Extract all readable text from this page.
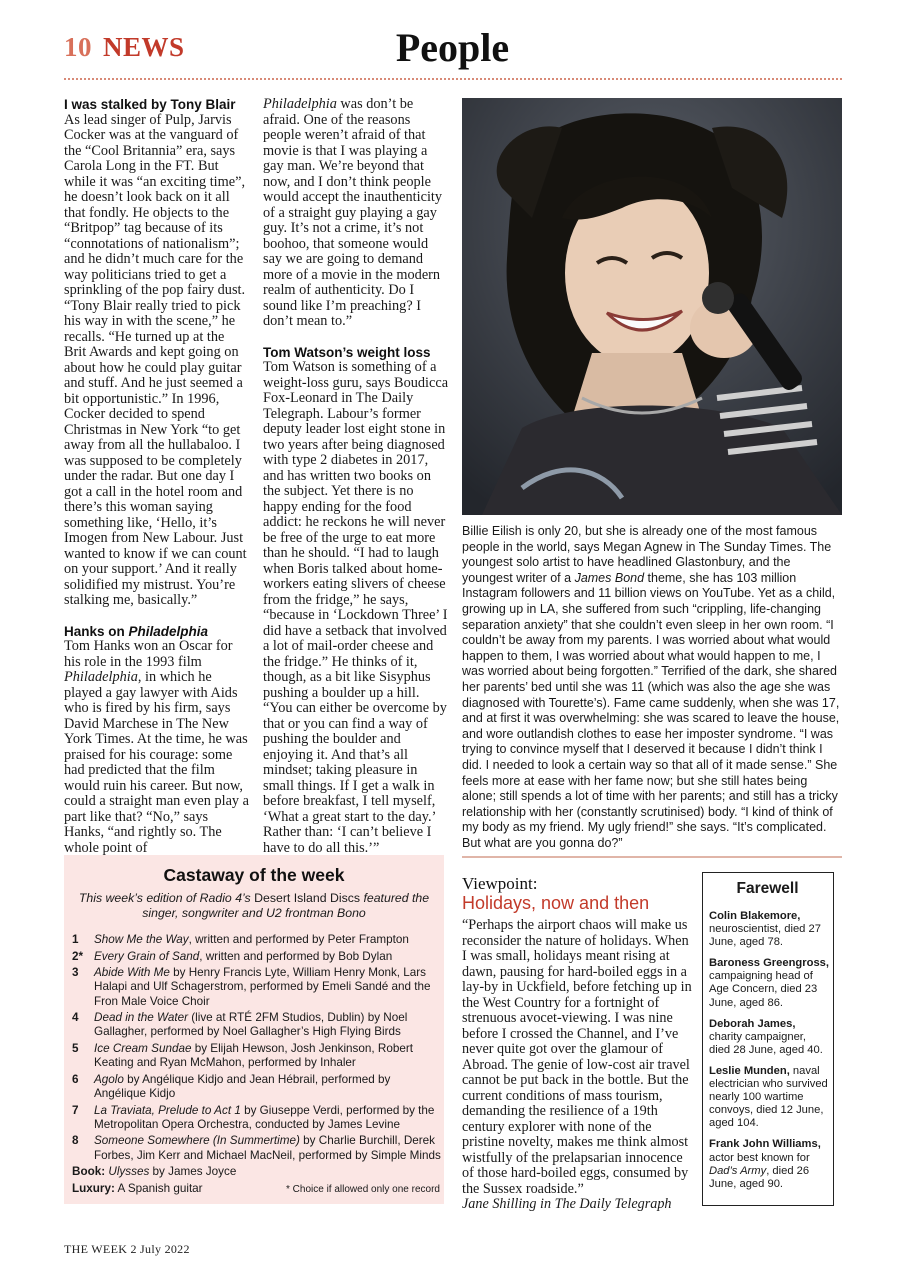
10 NEWS	People
I was stalked by Tony Blair

As lead singer of Pulp, Jarvis Cocker was at the vanguard of the “Cool Britannia” era, says Carola Long in the FT. But while it was “an exciting time”, he doesn’t look back on it all that fondly. He objects to the “Britpop” tag because of its “connotations of nationalism”; and he didn’t much care for the way politicians tried to get a sprinkling of the pop fairy dust. “Tony Blair really tried to pick his way in with the scene,” he recalls. “He turned up at the Brit Awards and kept going on about how he could play guitar and stuff. And he just seemed a bit opportunistic.” In 1996, Cocker decided to spend Christmas in New York “to get away from all the hullabaloo. I was supposed to be completely under the radar. But one day I got a call in the hotel room and there’s this woman saying something like, ‘Hello, it’s Imogen from New Labour. Just wanted to know if we can count on your support.’ And it really solidified my mistrust. You’re stalking me, basically.”

Hanks on Philadelphia

Tom Hanks won an Oscar for his role in the 1993 film Philadelphia, in which he played a gay lawyer with Aids who is fired by his firm, says David Marchese in The New York Times. At the time, he was praised for his courage: some had predicted that the film would ruin his career. But now, could a straight man even play a part like that? “No,” says Hanks, “and rightly so. The whole point of

Philadelphia was don’t be afraid. One of the reasons people weren’t afraid of that movie is that I was playing a gay man. We’re beyond that now, and I don’t think people would accept the inauthenticity of a straight guy playing a gay guy. It’s not a crime, it’s not boohoo, that someone would say we are going to demand more of a movie in the modern realm of authenticity. Do I sound like I’m preaching? I don’t mean to.”

Tom Watson’s weight loss

Tom Watson is something of a weight-loss guru, says Boudicca Fox-Leonard in The Daily Telegraph. Labour’s former deputy leader lost eight stone in two years after being diagnosed with type 2 diabetes in 2017, and has written two books on the subject. Yet there is no happy ending for the food addict: he reckons he will never be free of the urge to eat more than he should. “I had to laugh when Boris talked about home-workers eating slivers of cheese from the fridge,” he says, “because in ‘Lockdown Three’ I did have a setback that involved a lot of mail-order cheese and the fridge.” He thinks of it, though, as a bit like Sisyphus pushing a boulder up a hill. “You can either be overcome by that or you can find a way of pushing the boulder and enjoying it. And that’s all mindset; taking pleasure in small things. If I get a walk in before breakfast, I tell myself, ‘What a great start to the day.’ Rather than: ‘I can’t believe I have to do all this.’”

Billie Eilish is only 20, but she is already one of the most famous people in the world, says Megan Agnew in The Sunday Times. The youngest solo artist to have headlined Glastonbury, and the youngest writer of a James Bond theme, she has 103 million Instagram followers and 11 billion views on YouTube. Yet as a child, growing up in LA, she suffered from such “crippling, life-changing separation anxiety” that she couldn’t even sleep in her own room. “I couldn’t be away from my parents. I was worried about what would happen to them, I was worried about what would happen to me, I was worried about being forgotten.” Terrified of the dark, she shared her parents’ bed until she was 11 (which was also the age she was diagnosed with Tourette’s). Fame came suddenly, when she was 17, and at first it was overwhelming: she was scared to leave the house, and wore outlandish clothes to ease her imposter syndrome. “I was trying to convince myself that I deserved it because I didn’t think I did. I needed to look a certain way so that all of it made sense.” She feels more at ease with her fame now; but she still hates being alone; still spends a lot of time with her parents; and still has a tricky relationship with her (constantly scrutinised) body. “I kind of think of my body as my friend. My ugly friend!” she says. “It’s complicated. But what are you gonna do?”
Castaway of the week
This week’s edition of Radio 4’s Desert Island Discs featured the singer, songwriter and U2 frontman Bono
1	Show Me the Way, written and performed by Peter Frampton
2* Every Grain of Sand, written and performed by Bob Dylan
3	Abide With Me by Henry Francis Lyte, William Henry Monk, Lars Halapi and Ulf Schagerstrom, performed by Emeli Sandé and the Fron Male Voice Choir
4	Dead in the Water (live at RTÉ 2FM Studios, Dublin) by Noel Gallagher, performed by Noel Gallagher’s High Flying Birds
5	Ice Cream Sundae by Elijah Hewson, Josh Jenkinson, Robert Keating and Ryan McMahon, performed by Inhaler
6	Agolo by Angélique Kidjo and Jean Hébrail, performed by Angélique Kidjo
7	La Traviata, Prelude to Act 1 by Giuseppe Verdi, performed by the Metropolitan Opera Orchestra, conducted by James Levine
8	Someone Somewhere (In Summertime) by Charlie Burchill, Derek Forbes, Jim Kerr and Michael MacNeil, performed by Simple Minds
Book: Ulysses by James Joyce
Luxury: A Spanish guitar	* Choice if allowed only one record
Viewpoint:
Holidays, now and then
“Perhaps the airport chaos will make us reconsider the nature of holidays. When I was small, holidays meant rising at dawn, pausing for hard-boiled eggs in a lay-by in Uckfield, before fetching up in the West Country for a fortnight of strenuous avocet-viewing. I was nine before I crossed the Channel, and I’ve never quite got over the glamour of Abroad. The genie of low-cost air travel cannot be put back in the bottle. But the current conditions of mass tourism, demanding the resilience of a 19th century explorer with none of the pristine novelty, makes me think almost wistfully of the prelapsarian innocence of those hard-boiled eggs, consumed by the Sussex roadside.”
Jane Shilling in The Daily Telegraph
Farewell
Colin Blakemore, neuroscientist, died 27 June, aged 78.
Baroness Greengross, campaigning head of Age Concern, died 23 June, aged 86.
Deborah James, charity campaigner, died 28 June, aged 40.
Leslie Munden, naval electrician who survived nearly 100 wartime convoys, died 12 June, aged 104.
Frank John Williams, actor best known for Dad’s Army, died 26 June, aged 90.
THE WEEK 2 July 2022
